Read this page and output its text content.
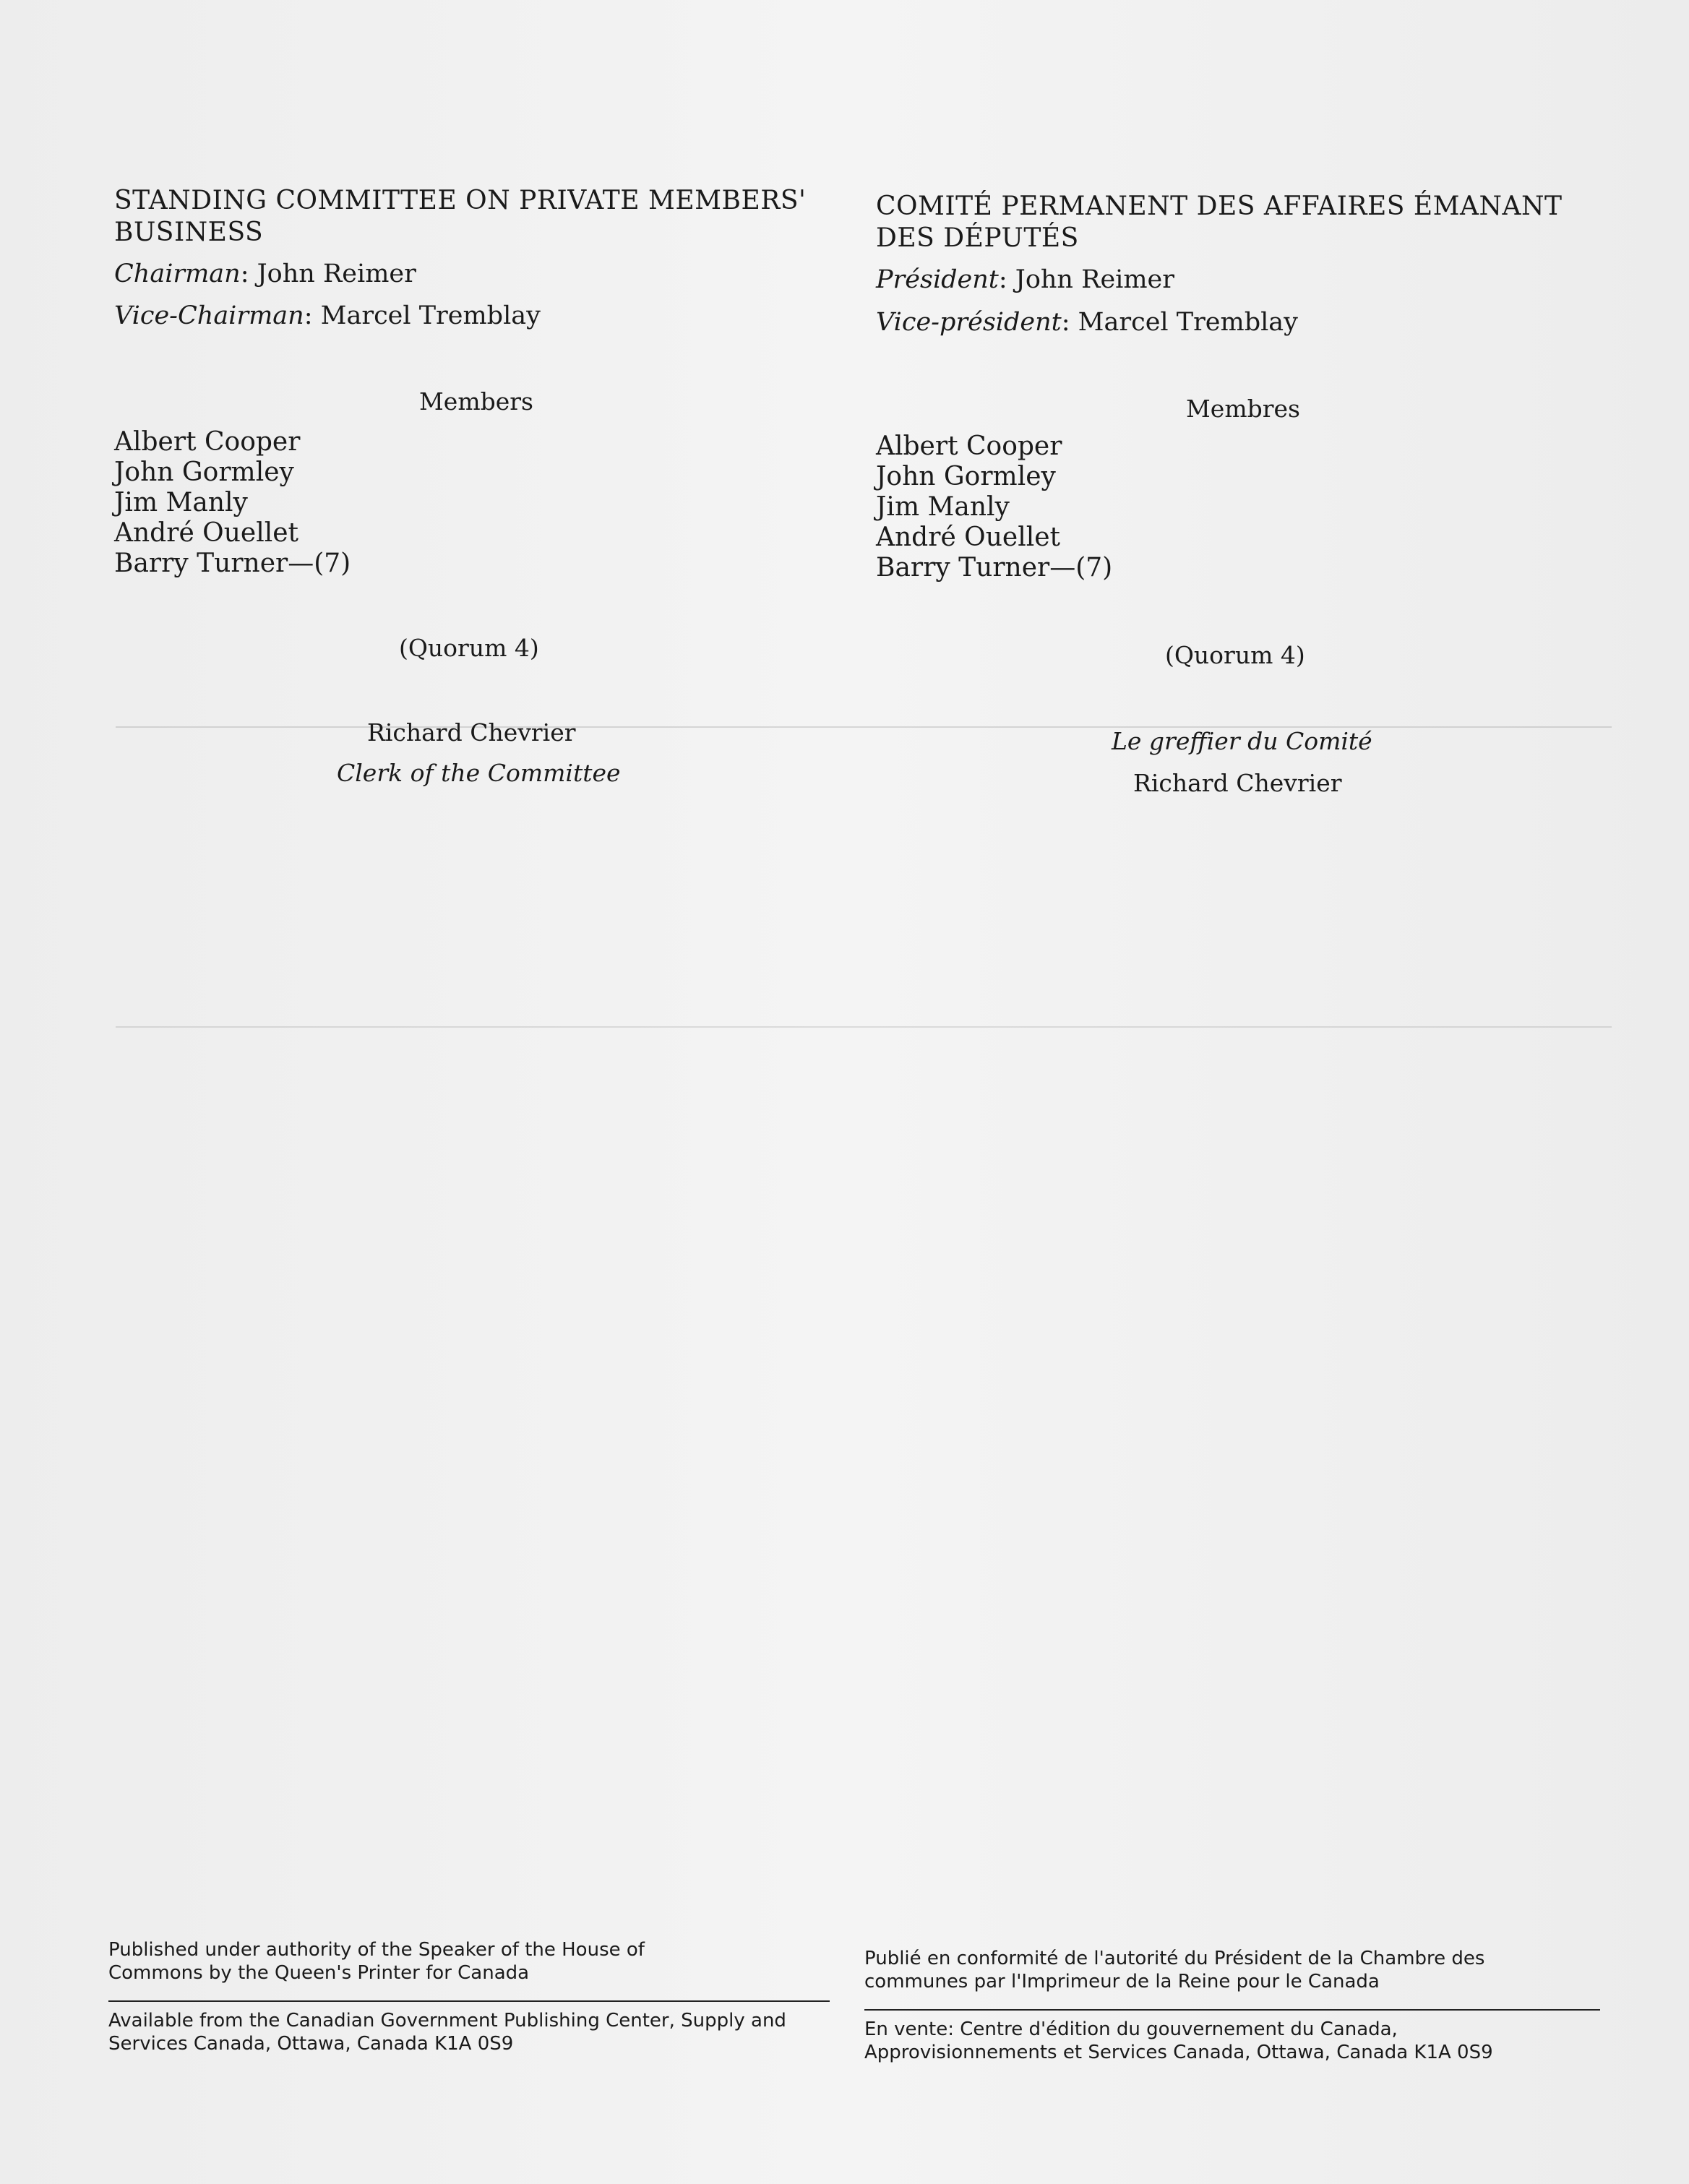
STANDING COMMITTEE ON PRIVATE MEMBERS' BUSINESS
Chairman: John Reimer
Vice-Chairman: Marcel Tremblay
Members
Albert Cooper
John Gormley
Jim Manly
André Ouellet
Barry Turner—(7)
(Quorum 4)
Richard Chevrier
Clerk of the Committee
COMITÉ PERMANENT DES AFFAIRES ÉMANANT DES DÉPUTÉS
Président: John Reimer
Vice-président: Marcel Tremblay
Membres
Albert Cooper
John Gormley
Jim Manly
André Ouellet
Barry Turner—(7)
(Quorum 4)
Le greffier du Comité
Richard Chevrier
Published under authority of the Speaker of the House of Commons by the Queen's Printer for Canada
Available from the Canadian Government Publishing Center, Supply and Services Canada, Ottawa, Canada K1A 0S9
Publié en conformité de l'autorité du Président de la Chambre des communes par l'Imprimeur de la Reine pour le Canada
En vente: Centre d'édition du gouvernement du Canada, Approvisionnements et Services Canada, Ottawa, Canada K1A 0S9
